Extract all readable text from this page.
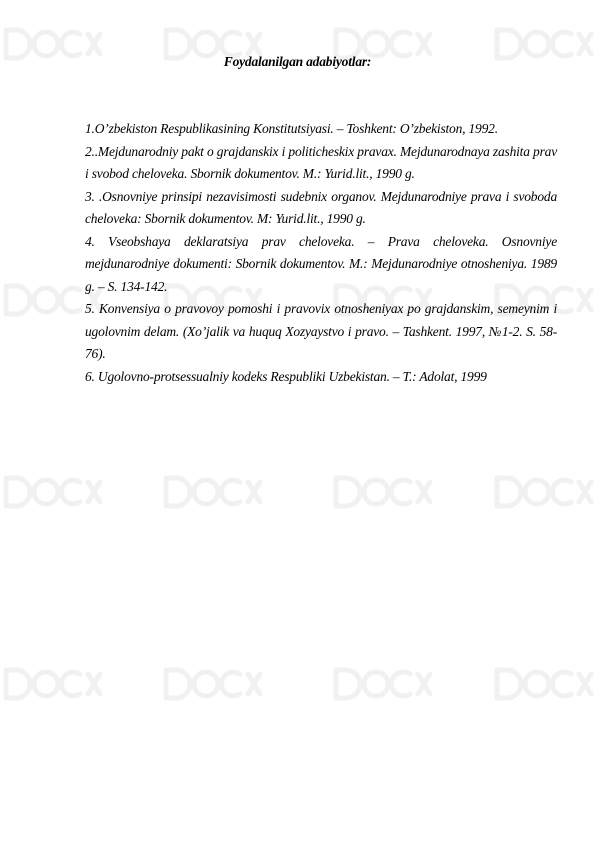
Foydalanilgan adabiyotlar:
1.O’zbekiston Respublikasining Konstitutsiyasi. – Toshkent: O’zbekiston, 1992.
2..Mejdunarodniy pakt o grajdanskix i politicheskix pravax. Mejdunarodnaya zashita prav i svobod cheloveka. Sbornik dokumentov. M.: Yurid.lit., 1990 g.
3. .Osnovniye prinsipi nezavisimosti sudebnix organov. Mejdunarodniye prava i svoboda cheloveka: Sbornik dokumentov. M: Yurid.lit., 1990 g.
4. Vseobshaya deklaratsiya prav cheloveka. – Prava cheloveka. Osnovniye mejdunarodniye dokumenti: Sbornik dokumentov. M.: Mejdunarodniye otnosheniya. 1989 g. – S. 134-142.
5. Konvensiya o pravovoy pomoshi i pravovix otnosheniyax po grajdanskim, semeynim i ugolovnim delam. (Xo’jalik va huquq Xozyaystvo i pravo. – Tashkent. 1997, №1-2. S. 58-76).
6. Ugolovno-protsessualniy kodeks Respubliki Uzbekistan. – T.: Adolat, 1999
